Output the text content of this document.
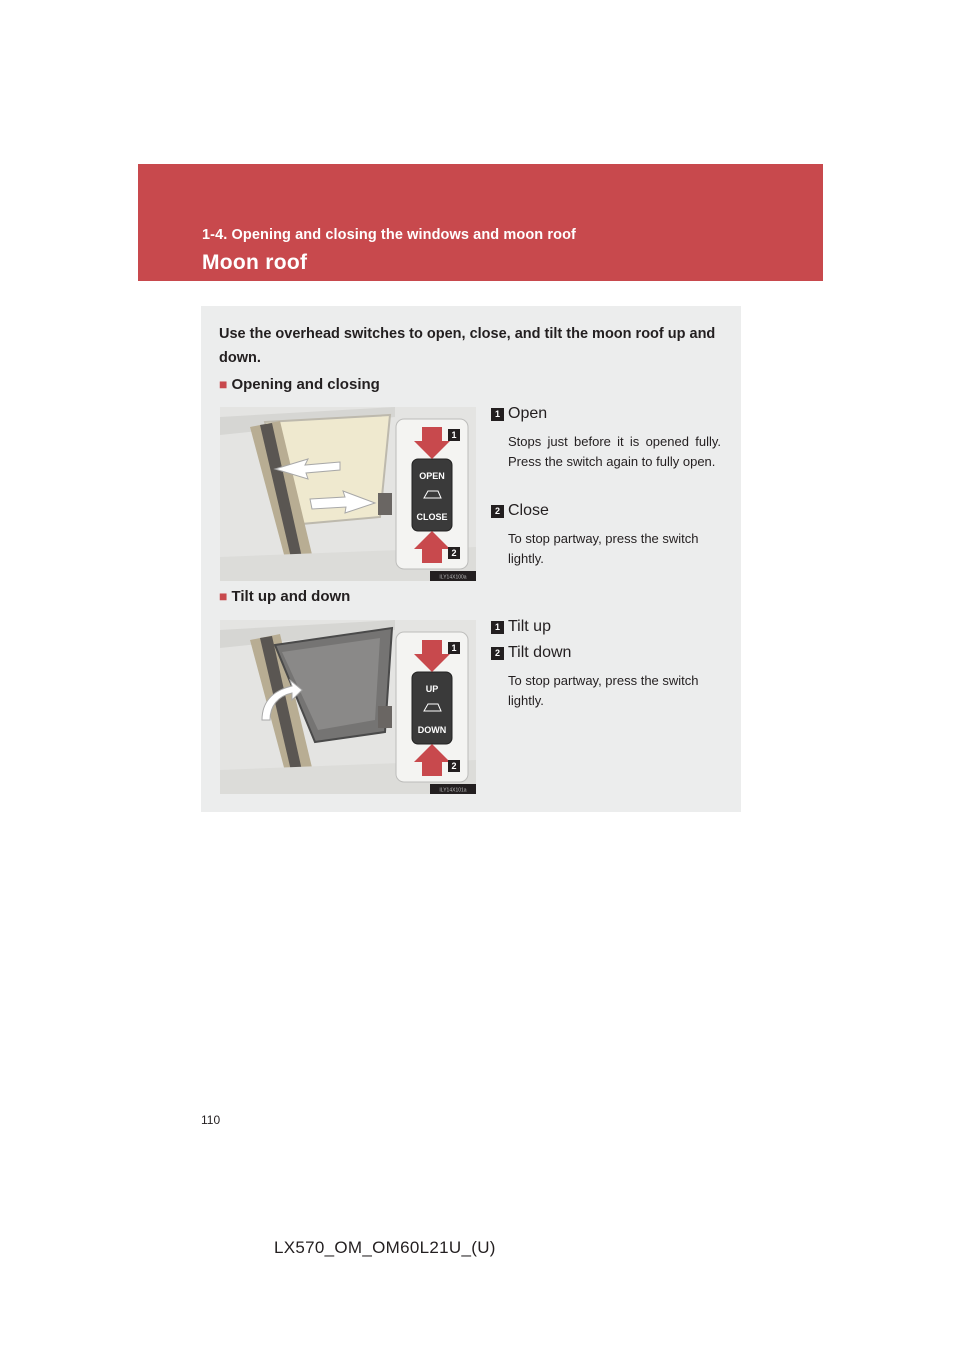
1-4. Opening and closing the windows and moon roof
Moon roof
Use the overhead switches to open, close, and tilt the moon roof up and down.
■ Opening and closing
OPEN
CLOSE
1
2
ILY14X100a
1 Open
Stops just before it is opened fully. Press the switch again to fully open.
2 Close
To stop partway, press the switch lightly.
■ Tilt up and down
UP
DOWN
1
2
ILY14X101a
1 Tilt up
2 Tilt down
To stop partway, press the switch lightly.
110
LX570_OM_OM60L21U_(U)
